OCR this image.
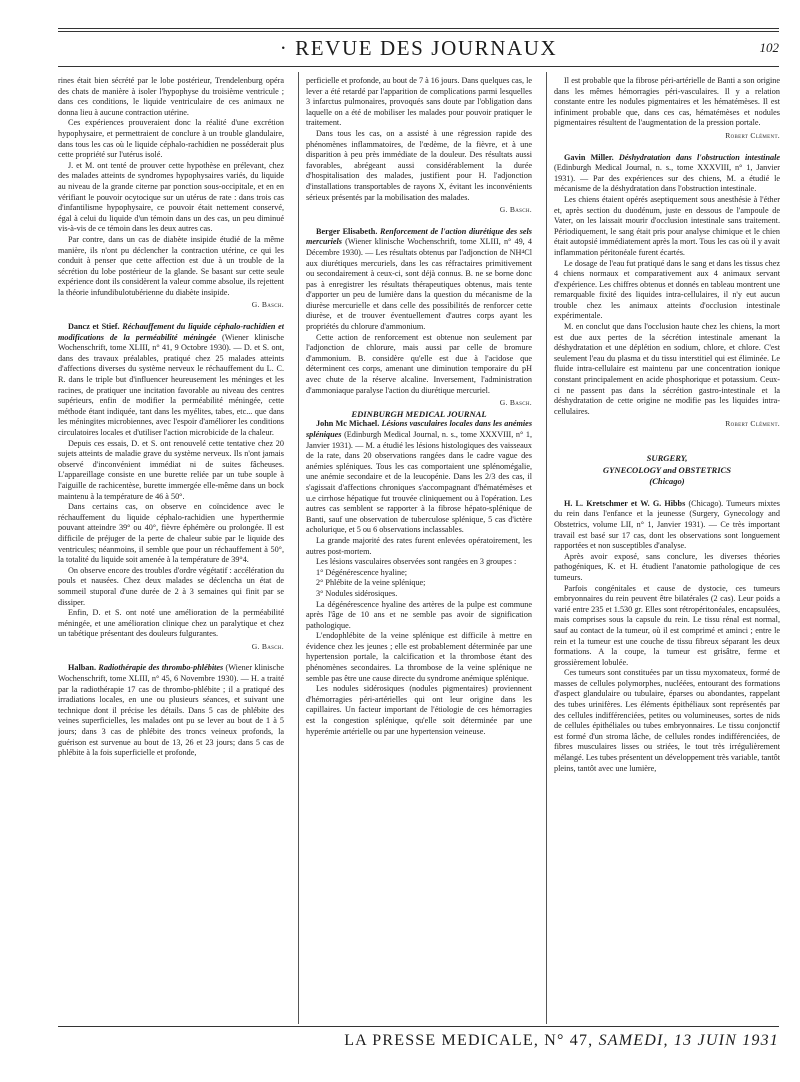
· REVUE DES JOURNAUX	102

rines était bien sécrété par le lobe postérieur, Trendelenburg opéra des chats de manière à isoler l'hypophyse du troisième ventricule ; dans ces conditions, le liquide ventriculaire de ces animaux ne donna lieu à aucune contraction utérine.

Ces expériences prouveraient donc la réalité d'une excrétion hypophysaire, et permettraient de conclure à un trouble glandulaire, dans tous les cas où le liquide céphalo-rachidien ne posséderait plus cette propriété sur l'utérus isolé.

J. et M. ont tenté de prouver cette hypothèse en prélevant, chez des malades atteints de syndromes hypophysaires variés, du liquide au niveau de la grande citerne par ponction sous-occipitale, et en en vérifiant le pouvoir ocytocique sur un utérus de rate : dans trois cas d'infantilisme hypophysaire, ce pouvoir était nettement conservé, égal à celui du liquide d'un témoin dans un des cas, un peu diminué vis-à-vis de ce témoin dans les deux autres cas.

Par contre, dans un cas de diabète insipide étudié de la même manière, ils n'ont pu déclencher la contraction utérine, ce qui les conduit à penser que cette affection est due à un trouble de la sécrétion du lobe postérieur de la glande. Se basant sur cette seule expérience dont ils considèrent la valeur comme absolue, ils rejettent la théorie infundibulotubérienne du diabète insipide.

G. Basch.

Dancz et Stief. Réchauffement du liquide céphalo-rachidien et modifications de la perméabilité méningée (Wiener klinische Wochenschrift, tome XLIII, n° 41, 9 Octobre 1930). — D. et S. ont, dans des travaux préalables, pratiqué chez 25 malades atteints d'affections diverses du système nerveux le réchauffement du L. C. R. dans le triple but d'influencer heureusement les méninges et les racines, de pratiquer une incitation favorable au niveau des centres supérieurs, enfin de modifier la perméabilité méningée, cette méthode étant indiquée, tant dans les myélites, tabes, etc... que dans les méningites microbiennes, avec l'espoir d'améliorer les conditions circulatoires locales et d'utiliser l'action microbicide de la chaleur.

Depuis ces essais, D. et S. ont renouvelé cette tentative chez 20 sujets atteints de maladie grave du système nerveux. Ils n'ont jamais observé d'inconvénient immédiat ni de suites fâcheuses. L'appareillage consiste en une burette reliée par un tube souple à l'aiguille de rachicentèse, burette immergée elle-même dans un bock maintenu à la température de 46 à 50°.

Dans certains cas, on observe en coïncidence avec le réchauffement du liquide céphalo-rachidien une hyperthermie pouvant atteindre 39° ou 40°, fièvre éphémère ou prolongée. Il est difficile de préjuger de la perte de chaleur subie par le liquide des ventricules; néanmoins, il semble que pour un réchauffement à 50°, la totalité du liquide soit amenée à la température de 39°4.

On observe encore des troubles d'ordre végétatif : accélération du pouls et nausées. Chez deux malades se déclencha un état de sommeil stuporal d'une durée de 2 à 3 semaines qui finit par se dissiper.

Enfin, D. et S. ont noté une amélioration de la perméabilité méningée, et une amélioration clinique chez un paralytique et chez un tabétique présentant des douleurs fulgurantes.

G. Basch.

Halban. Radiothérapie des thrombo-phlébites (Wiener klinische Wochenschrift, tome XLIII, n° 45, 6 Novembre 1930). — H. a traité par la radiothérapie 17 cas de thrombo-phlébite ; il a pratiqué des irradiations locales, en une ou plusieurs séances, et suivant une technique dont il précise les détails. Dans 5 cas de phlébite des veines superficielles, les malades ont pu se lever au bout de 1 à 5 jours; dans 3 cas de phlébite des troncs veineux profonds, la guérison est survenue au bout de 13, 26 et 23 jours; dans 5 cas de phlébite à la fois superficielle et profonde,

perficielle et profonde, au bout de 7 à 16 jours. Dans quelques cas, le lever a été retardé par l'apparition de complications parmi lesquelles 3 infarctus pulmonaires, provoqués sans doute par l'obligation dans laquelle on a été de mobiliser les malades pour pouvoir pratiquer le traitement.

Dans tous les cas, on a assisté à une régression rapide des phénomènes inflammatoires, de l'œdème, de la fièvre, et à une disparition à peu près immédiate de la douleur. Des résultats aussi favorables, abrégeant aussi considérablement la durée d'hospitalisation des malades, justifient pour H. l'adjonction d'installations transportables de rayons X, évitant les inconvénients sérieux présentés par la mobilisation des malades.

G. Basch.

Berger Elisabeth. Renforcement de l'action diurétique des sels mercuriels (Wiener klinische Wochenschrift, tome XLIII, n° 49, 4 Décembre 1930). — Les résultats obtenus par l'adjonction de NH⁴Cl aux diurétiques mercuriels, dans les cas réfractaires primitivement ou secondairement à ceux-ci, sont déjà connus. B. ne se borne donc pas à enregistrer les résultats thérapeutiques obtenus, mais tente d'apporter un peu de lumière dans la question du mécanisme de la diurèse mercurielle et dans celle des possibilités de renforcer cette diurèse, et de trouver éventuellement d'autres corps ayant les propriétés du chlorure d'ammonium.

Cette action de renforcement est obtenue non seulement par l'adjonction de chlorure, mais aussi par celle de bromure d'ammonium. B. considère qu'elle est due à l'acidose que déterminent ces corps, amenant une diminution temporaire du pH avec chute de la réserve alcaline. Inversement, l'administration d'ammoniaque paralyse l'action du diurétique mercuriel.

G. Basch.

EDINBURGH MEDICAL JOURNAL

John Mc Michael. Lésions vasculaires locales dans les anémies spléniques (Edinburgh Medical Journal, n. s., tome XXXVIII, n° 1, Janvier 1931). — M. a étudié les lésions histologiques des vaisseaux de la rate, dans 20 observations rangées dans le cadre vague des anémies spléniques. Tous les cas comportaient une splénomégalie, une anémie secondaire et de la leucopénie. Dans les 2/3 des cas, il s'agissait d'affections chroniques s'accompagnant d'hématémèses et u.e cirrhose hépatique fut trouvée cliniquement ou à l'opération. Les autres cas semblent se rapporter à la fibrose hépato-splénique de Banti, sauf une observation de tuberculose splénique, 5 cas d'ictère acholurique, et 5 ou 6 observations inclassables.

La grande majorité des rates furent enlevées opératoirement, les autres post-mortem.

Les lésions vasculaires observées sont rangées en 3 groupes :

1° Dégénérescence hyaline;

2° Phlébite de la veine splénique;

3° Nodules sidérosiques.

La dégénérescence hyaline des artères de la pulpe est commune après l'âge de 10 ans et ne semble pas avoir de signification pathologique.

L'endophlébite de la veine splénique est difficile à mettre en évidence chez les jeunes ; elle est probablement déterminée par une hypertension portale, la calcification et la thrombose étant des phénomènes secondaires. La thrombose de la veine splénique ne semble pas être une cause directe du syndrome anémique splénique.

Les nodules sidérosiques (nodules pigmentaires) proviennent d'hémorragies péri-artérielles qui ont leur origine dans les capillaires. Un facteur important de l'étiologie de ces hémorragies est la congestion splénique, qu'elle soit déterminée par une hyperémie artérielle ou par une hypertension veineuse.

Il est probable que la fibrose péri-artérielle de Banti a son origine dans les mêmes hémorragies péri-vasculaires. Il y a relation constante entre les nodules pigmentaires et les hématémèses. Il est infiniment probable que, dans ces cas, hématémèses et nodules pigmentaires résultent de l'augmentation de la pression portale.

Robert Clément.

Gavin Miller. Déshydratation dans l'obstruction intestinale (Edinburgh Medical Journal, n. s., tome XXXVIII, n° 1, Janvier 1931). — Par des expériences sur des chiens, M. a étudié le mécanisme de la déshydratation dans l'obstruction intestinale.

Les chiens étaient opérés aseptiquement sous anesthésie à l'éther et, après section du duodénum, juste en dessous de l'ampoule de Vater, on les laissait mourir d'occlusion intestinale sans traitement. Périodiquement, le sang était pris pour analyse chimique et le chien était autopsié immédiatement après la mort. Tous les cas où il y avait inflammation péritonéale furent écartés.

Le dosage de l'eau fut pratiqué dans le sang et dans les tissus chez 4 chiens normaux et comparativement aux 4 animaux servant d'expérience. Les chiffres obtenus et donnés en tableau montrent une remarquable fixité des liquides intra-cellulaires, il n'y eut aucun trouble chez les animaux atteints d'occlusion intestinale expérimentale.

M. en conclut que dans l'occlusion haute chez les chiens, la mort est due aux pertes de la sécrétion intestinale amenant la déshydratation et une déplétion en sodium, chlore, et chlore. C'est seulement l'eau du plasma et du tissu interstitiel qui est éliminée. Le fluide intra-cellulaire est maintenu par une concentration ionique constant principalement en acide phosphorique et potassium. Ceux-ci ne passent pas dans la sécrétion gastro-intestinale et la déshydratation de cette origine ne modifie pas les liquides intra-cellulaires.

Robert Clément.

SURGERY,

GYNECOLOGY and OBSTETRICS

(Chicago)

H. L. Kretschmer et W. G. Hibbs (Chicago). Tumeurs mixtes du rein dans l'enfance et la jeunesse (Surgery, Gynecology and Obstetrics, volume LII, n° 1, Janvier 1931). — Ce très important travail est basé sur 17 cas, dont les observations sont longuement rapportées et non susceptibles d'analyse.

Après avoir exposé, sans conclure, les diverses théories pathogéniques, K. et H. étudient l'anatomie pathologique de ces tumeurs.

Parfois congénitales et cause de dystocie, ces tumeurs embryonnaires du rein peuvent être bilatérales (2 cas). Leur poids a varié entre 235 et 1.530 gr. Elles sont rétropéritonéales, encapsulées, mais comprises sous la capsule du rein. Le tissu rénal est normal, sauf au contact de la tumeur, où il est comprimé et aminci ; entre le rein et la tumeur est une couche de tissu fibreux séparant les deux formations. A la coupe, la tumeur est grisâtre, ferme et grossièrement lobulée.

Ces tumeurs sont constituées par un tissu myxomateux, formé de masses de cellules polymorphes, nucléées, entourant des formations d'aspect glandulaire ou tubulaire, éparses ou abondantes, rappelant des tubes urinifères. Les éléments épithéliaux sont représentés par des cellules indifférenciées, petites ou volumineuses, sortes de nids de cellules épithéliales ou tubes embryonnaires. Le tissu conjonctif est formé d'un stroma lâche, de cellules rondes indifférenciées, de fibres musculaires lisses ou striées, le tout très irrégulièrement mélangé. Les tubes présentent un développement très variable, tantôt pleins, tantôt avec une lumière,

LA PRESSE MEDICALE, N° 47, SAMEDI, 13 JUIN 1931
